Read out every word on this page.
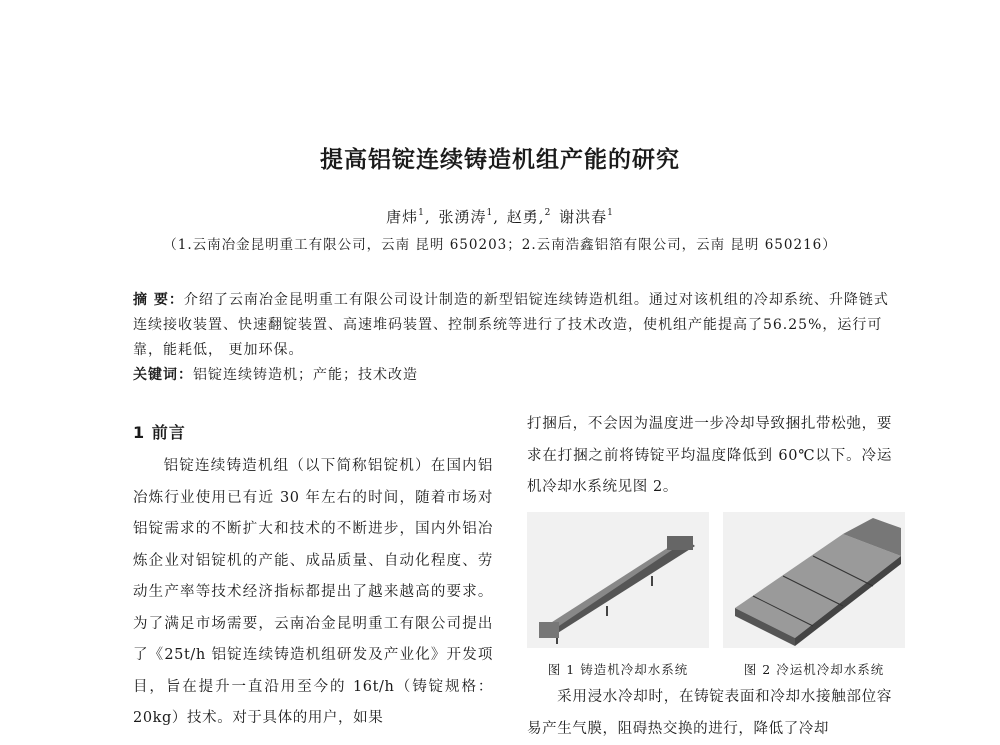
提高铝锭连续铸造机组产能的研究
唐炜$^1$, 张湧涛$^1$, 赵勇,$^2$ 谢洪春$^1$
（1.云南冶金昆明重工有限公司，云南 昆明 650203；2.云南浩鑫铝箔有限公司，云南 昆明 650216）
摘 要：介绍了云南冶金昆明重工有限公司设计制造的新型铝锭连续铸造机组。通过对该机组的冷却系统、升降链式连续接收装置、快速翻锭装置、高速堆码装置、控制系统等进行了技术改造，使机组产能提高了56.25%，运行可靠，能耗低， 更加环保。
关键词：铝锭连续铸造机；产能；技术改造
1 前言
铝锭连续铸造机组（以下简称铝锭机）在国内铝冶炼行业使用已有近 30 年左右的时间，随着市场对铝锭需求的不断扩大和技术的不断进步，国内外铝冶炼企业对铝锭机的产能、成品质量、自动化程度、劳动生产率等技术经济指标都提出了越来越高的要求。为了满足市场需要，云南冶金昆明重工有限公司提出了《25t/h 铝锭连续铸造机组研发及产业化》开发项目，旨在提升一直沿用至今的 16t/h（铸锭规格：20kg）技术。对于具体的用户，如果
打捆后，不会因为温度进一步冷却导致捆扎带松弛，要求在打捆之前将铸锭平均温度降低到 60℃以下。冷运机冷却水系统见图 2。
图 1 铸造机冷却水系统	图 2 冷运机冷却水系统
采用浸水冷却时，在铸锭表面和冷却水接触部位容易产生气膜，阻碍热交换的进行，降低了冷却
